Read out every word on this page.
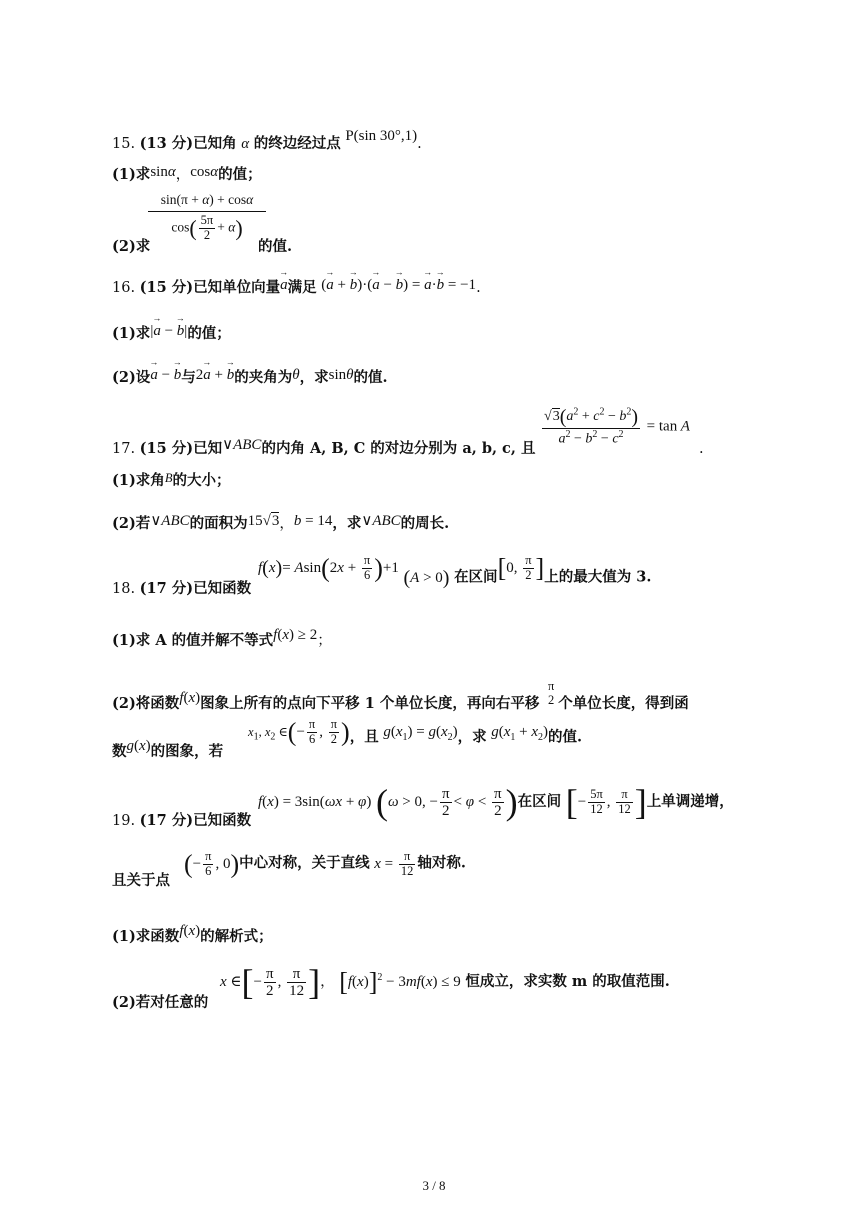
15. (13 分)已知角 α 的终边经过点 P(sin 30°,1).
(1)求sinα，cosα的值；
sin(π + α) + cosα
$\cos( \frac{5\pi}{2} + \alpha)$
(2)求	的值.
16. (15 分)已知单位向量→ a满足 (→ a + → b)·(→ a − → b) = → a·→ b = −1.
(1)求|→ a − → b|的值；
(2)设→ a − → b与2→ a + → b的夹角为θ，求sinθ的值.
$\frac{√3(a^2 + c^2 - b^2)}{a^2 - b^2 - c^2} = \tan A$
17. (15 分)已知∨ABC的内角 A, B, C 的对边分别为 a, b, c, 且	.
(1)求角B的大小；
(2)若∨ABC的面积为15√3，b = 14，求∨ABC的周长.
18. (17 分)已知函数
$f(x)= Asin(2x + \frac{\pi}{6} )+1$ (A > 0) 在区间[0, $\frac{\pi}{2}$ ]上的最大值为 3.
(1)求 A 的值并解不等式f(x) ≥ 2；
(2)将函数f(x)图象上所有的点向下平移 1 个单位长度，再向右平移
π
2 个单位长度，得到函
数g(x)的图象，若
$x_1$, $x_2$ ∈(− $\frac{\pi}{6}$ , $\frac{\pi}{2}$ )，且 $g(x_1) = g(x_2)$，求 $g(x_1 + x_2)$的值.
19. (17 分)已知函数
f(x) = 3sin(ωx + φ) (ω > 0, − $\frac{\pi}{2} < \varphi < \frac{\pi}{2}$ )在区间 [− $\frac{5\pi}{12}$ , $\frac{\pi}{12}$ ]上单调递增，
且关于点
(− $\frac{\pi}{6}$ , 0)中心对称，关于直线 $x = \frac{\pi}{12}$ 轴对称.
(1)求函数f(x)的解析式；
(2)若对任意的
x ∈[− $\frac{\pi}{2}$ , $\frac{\pi}{12}$ ]， $[f(x)]^2 - 3mf(x) \le 9$ 恒成立，求实数 m 的取值范围.
3 / 8
